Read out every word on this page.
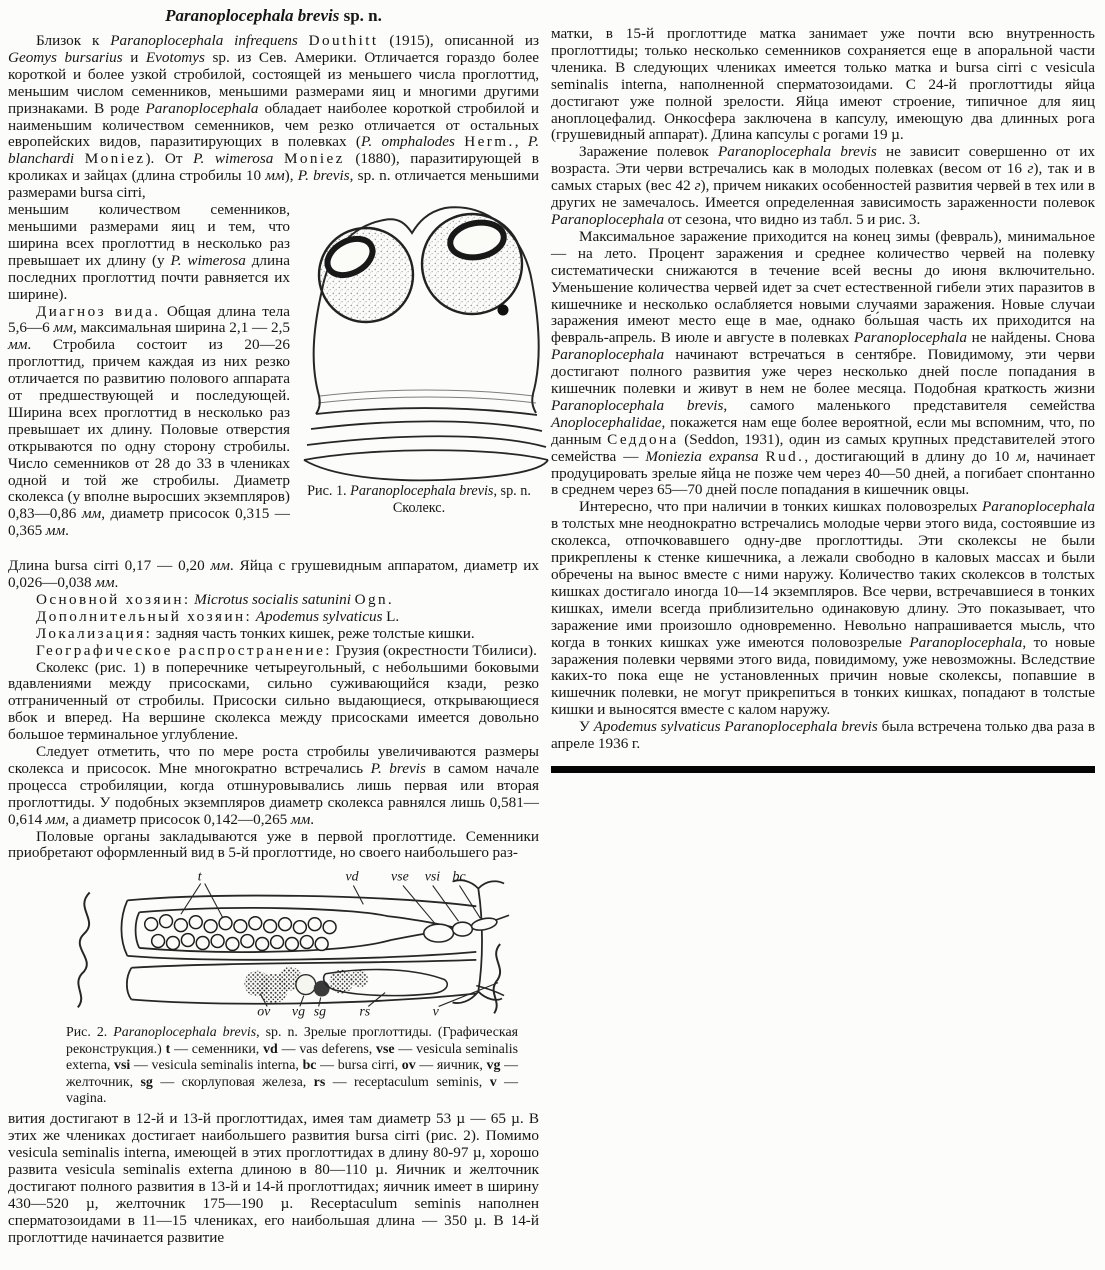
Paranoplocephala brevis sp. n.

Близок к Paranoplocephala infrequens Douthitt (1915), описанной из Geomys bursarius и Evotomys sp. из Сев. Америки. Отличается гораздо более короткой и более узкой стробилой, состоящей из меньшего числа проглоттид, меньшим числом семенников, меньшими размерами яиц и многими другими признаками. В роде Paranoplocephala обладает наиболее короткой стробилой и наименьшим количеством семенников, чем резко отличается от остальных европейских видов, паразитирующих в полевках (P. omphalodes Herm., P. blanchardi Moniez). От P. wimerosa Moniez (1880), паразитирующей в кроликах и зайцах (длина стробилы 10 мм), P. brevis, sp. n. отличается меньшими размерами bursa cirri,

Рис. 1. Paranoplocephala brevis, sp. n.
Сколекс.

меньшим количеством семенников, меньшими размерами яиц и тем, что ширина всех проглоттид в несколько раз превышает их длину (у P. wimerosa длина последних проглоттид почти равняется их ширине).

Диагноз вида. Общая длина тела 5,6—6 мм, максимальная ширина 2,1 — 2,5 мм. Стробила состоит из 20—26 проглоттид, причем каждая из них резко отличается по развитию полового аппарата от предшествующей и последующей. Ширина всех проглоттид в несколько раз превышает их длину. Половые отверстия открываются по одну сторону стробилы. Число семенников от 28 до 33 в члениках одной и той же стробилы. Диаметр сколекса (у вполне выросших экземпляров) 0,83—0,86 мм, диаметр присосок 0,315 — 0,365 мм.

Длина bursa cirri 0,17 — 0,20 мм. Яйца с грушевидным аппаратом, диаметр их 0,026—0,038 мм.

Основной хозяин: Microtus socialis satunini Ogn.

Дополнительный хозяин: Apodemus sylvaticus L.

Локализация: задняя часть тонких кишек, реже толстые кишки.

Географическое распространение: Грузия (окрестности Тбилиси).

Сколекс (рис. 1) в поперечнике четыреугольный, с небольшими боковыми вдавлениями между присосками, сильно суживающийся кзади, резко отграниченный от стробилы. Присоски сильно выдающиеся, открывающиеся вбок и вперед. На вершине сколекса между присосками имеется довольно большое терминальное углубление.

Следует отметить, что по мере роста стробилы увеличиваются размеры сколекса и присосок. Мне многократно встречались P. brevis в самом начале процесса стробиляции, когда отшнуровывались лишь первая или вторая проглоттиды. У подобных экземпляров диаметр сколекса равнялся лишь 0,581—0,614 мм, а диаметр присосок 0,142—0,265 мм.

Половые органы закладываются уже в первой проглоттиде. Семенники приобретают оформленный вид в 5-й проглоттиде, но своего наибольшего раз-

t	vd vse vsi bc
ov vg sg rs	v
Рис. 2. Paranoplocephala brevis, sp. n. Зрелые проглоттиды. (Графическая реконструкция.) t — семенники, vd — vas deferens, vse — vesicula seminalis externa, vsi — vesicula seminalis interna, bc — bursa cirri, ov — яичник, vg — желточник, sg — скорлуповая железа, rs — receptaculum seminis, v — vagina.

вития достигают в 12-й и 13-й проглоттидах, имея там диаметр 53 µ — 65 µ. В этих же члениках достигает наибольшего развития bursa cirri (рис. 2). Помимо vesicula seminalis interna, имеющей в этих проглоттидах в длину 80-97 µ, хорошо развита vesicula seminalis externa длиною в 80—110 µ. Яичник и желточник достигают полного развития в 13-й и 14-й проглоттидах; яичник имеет в ширину 430—520 µ, желточник 175—190 µ. Receptaculum seminis наполнен сперматозоидами в 11—15 члениках, его наибольшая длина — 350 µ. В 14-й проглоттиде начинается развитие

матки, в 15-й проглоттиде матка занимает уже почти всю внутренность проглоттиды; только несколько семенников сохраняется еще в апоральной части членика. В следующих члениках имеется только матка и bursa cirri с vesicula seminalis interna, наполненной сперматозоидами. С 24-й проглоттиды яйца достигают уже полной зрелости. Яйца имеют строение, типичное для яиц аноплоцефалид. Онкосфера заключена в капсулу, имеющую два длинных рога (грушевидный аппарат). Длина капсулы с рогами 19 µ.

Заражение полевок Paranoplocephala brevis не зависит совершенно от их возраста. Эти черви встречались как в молодых полевках (весом от 16 г), так и в самых старых (вес 42 г), причем никаких особенностей развития червей в тех или в других не замечалось. Имеется определенная зависимость зараженности полевок Paranoplocephala от сезона, что видно из табл. 5 и рис. 3.

Максимальное заражение приходится на конец зимы (февраль), минимальное — на лето. Процент заражения и среднее количество червей на полевку систематически снижаются в течение всей весны до июня включительно. Уменьшение количества червей идет за счет естественной гибели этих паразитов в кишечнике и несколько ослабляется новыми случаями заражения. Новые случаи заражения имеют место еще в мае, однако бо́льшая часть их приходится на февраль-апрель. В июле и августе в полевках Paranoplocephala не найдены. Снова Paranoplocephala начинают встречаться в сентябре. Повидимому, эти черви достигают полного развития уже через несколько дней после попадания в кишечник полевки и живут в нем не более месяца. Подобная краткость жизни Paranoplocephala brevis, самого маленького представителя семейства Anoplocephalidae, покажется нам еще более вероятной, если мы вспомним, что, по данным Седдона (Seddon, 1931), один из самых крупных представителей этого семейства — Moniezia expansa Rud., достигающий в длину до 10 м, начинает продуцировать зрелые яйца не позже чем через 40—50 дней, а погибает спонтанно в среднем через 65—70 дней после попадания в кишечник овцы.

Интересно, что при наличии в тонких кишках половозрелых Paranoplocephala в толстых мне неоднократно встречались молодые черви этого вида, состоявшие из сколекса, отпочковавшего одну-две проглоттиды. Эти сколексы не были прикреплены к стенке кишечника, а лежали свободно в каловых массах и были обречены на вынос вместе с ними наружу. Количество таких сколексов в толстых кишках достигало иногда 10—14 экземпляров. Все черви, встречавшиеся в тонких кишках, имели всегда приблизительно одинаковую длину. Это показывает, что заражение ими произошло одновременно. Невольно напрашивается мысль, что когда в тонких кишках уже имеются половозрелые Paranoplocephala, то новые заражения полевки червями этого вида, повидимому, уже невозможны. Вследствие каких-то пока еще не установленных причин новые сколексы, попавшие в кишечник полевки, не могут прикрепиться в тонких кишках, попадают в толстые кишки и выносятся вместе с калом наружу.

У Apodemus sylvaticus Paranoplocephala brevis была встречена только два раза в апреле 1936 г.
